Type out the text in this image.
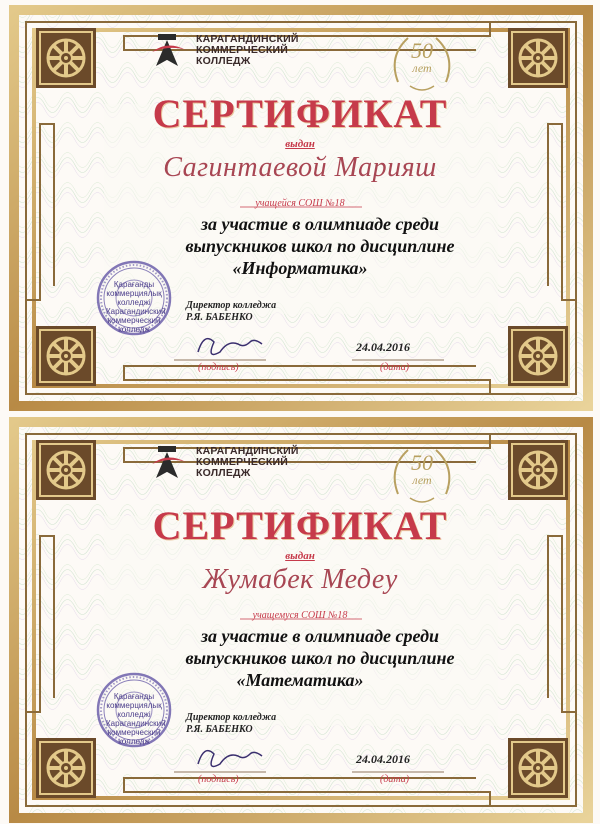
КАРАГАНДИНСКИЙ
КОММЕРЧЕСКИЙ
КОЛЛЕДЖ	50
лет
СЕРТИФИКАТ
выдан
Сагинтаевой Марияш
учащейся СОШ №18
за участие в олимпиаде среди
выпускников школ по дисциплине
«Информатика»
Қарағанды коммерциялық колледжі
Карагандинский коммерческий колледж
Директор колледжа
Р.Я. БАБЕНКО
24.04.2016
(подпись)	(дата)
КАРАГАНДИНСКИЙ
КОММЕРЧЕСКИЙ
КОЛЛЕДЖ	50
лет
СЕРТИФИКАТ
выдан
Жумабек Медеу
учащемуся СОШ №18
за участие в олимпиаде среди
выпускников школ по дисциплине
«Математика»
Қарағанды коммерциялық колледжі
Карагандинский коммерческий колледж
Директор колледжа
Р.Я. БАБЕНКО
24.04.2016
(подпись)	(дата)
